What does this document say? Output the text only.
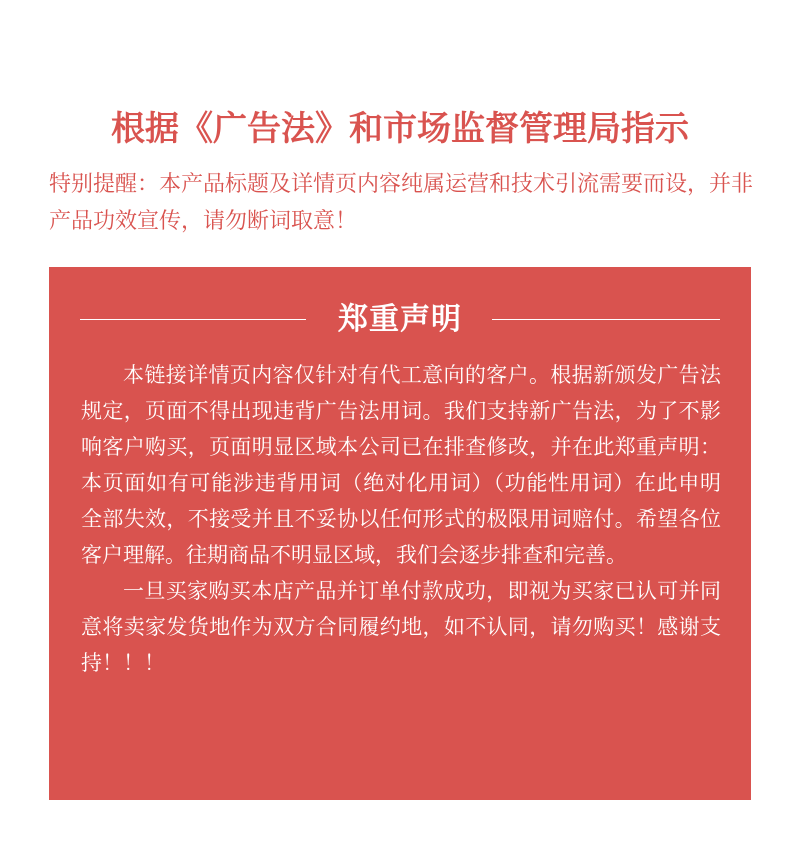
根据《广告法》和市场监督管理局指示
特别提醒：本产品标题及详情页内容纯属运营和技术引流需要而设，并非产品功效宣传，请勿断词取意！
郑重声明

本链接详情页内容仅针对有代工意向的客户。根据新颁发广告法规定，页面不得出现违背广告法用词。我们支持新广告法，为了不影响客户购买，页面明显区域本公司已在排查修改，并在此郑重声明：本页面如有可能涉违背用词（绝对化用词）（功能性用词）在此申明全部失效，不接受并且不妥协以任何形式的极限用词赔付。希望各位客户理解。往期商品不明显区域，我们会逐步排查和完善。

一旦买家购买本店产品并订单付款成功，即视为买家已认可并同意将卖家发货地作为双方合同履约地，如不认同，请勿购买！感谢支持！！！
